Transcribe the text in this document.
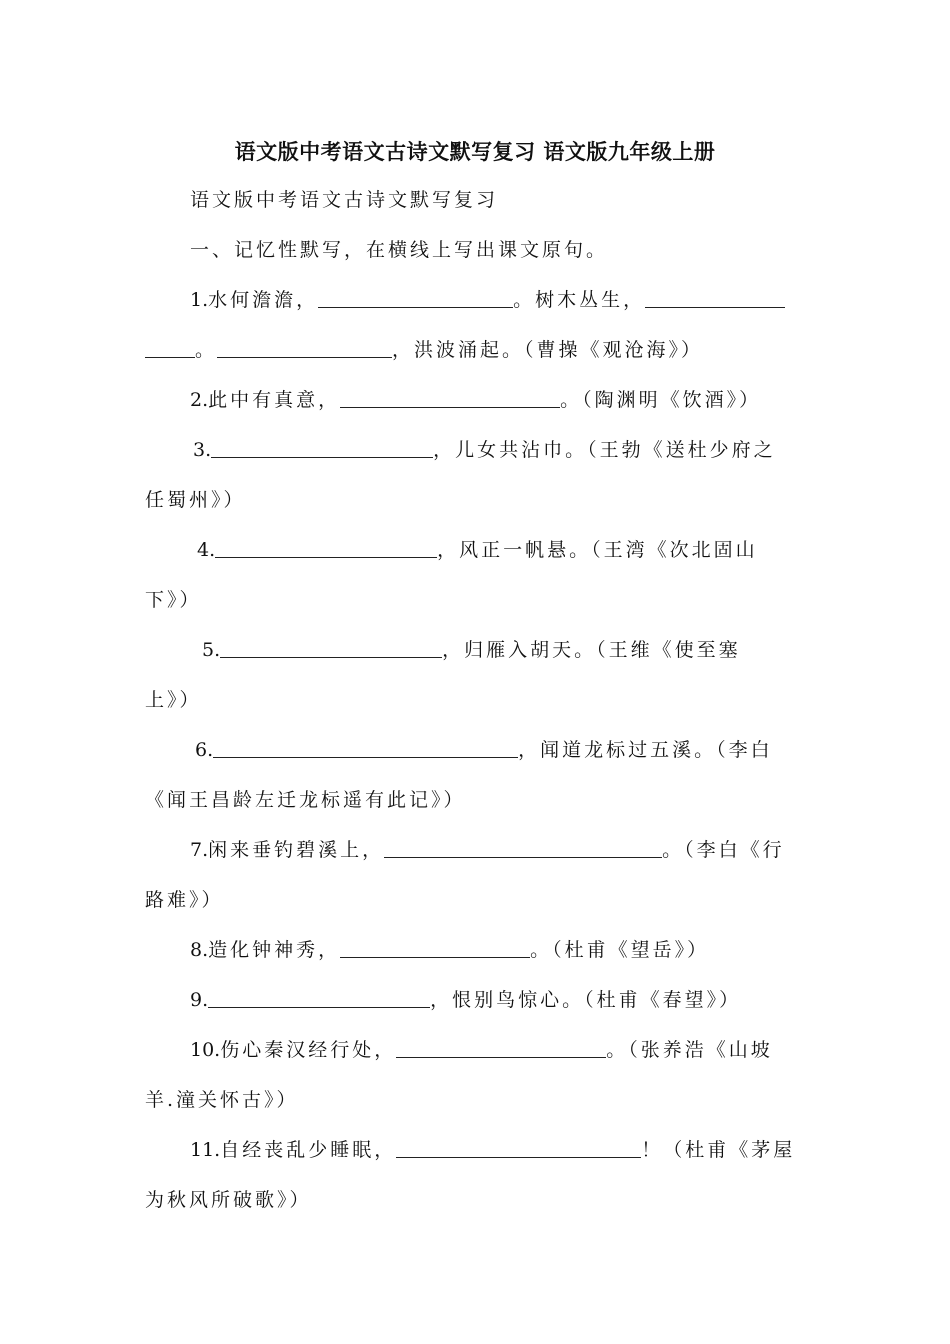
语文版中考语文古诗文默写复习 语文版九年级上册
语文版中考语文古诗文默写复习
一、记忆性默写，在横线上写出课文原句。
1.水何澹澹，	。树木丛生，
。	，洪波涌起。（曹操《观沧海》）
2.此中有真意，	。（陶渊明《饮酒》）
3.	，儿女共沾巾。（王勃《送杜少府之
任蜀州》）
4.	，风正一帆悬。（王湾《次北固山
下》）
5.	，归雁入胡天。（王维《使至塞
上》）
6.	，闻道龙标过五溪。（李白
《闻王昌龄左迁龙标遥有此记》）
7.闲来垂钓碧溪上，	。（李白《行
路难》）
8.造化钟神秀，	。（杜甫《望岳》）
9.	，恨别鸟惊心。（杜甫《春望》）
10.伤心秦汉经行处，	。（张养浩《山坡
羊.潼关怀古》）
11.自经丧乱少睡眠，	！（杜甫《茅屋
为秋风所破歌》）
